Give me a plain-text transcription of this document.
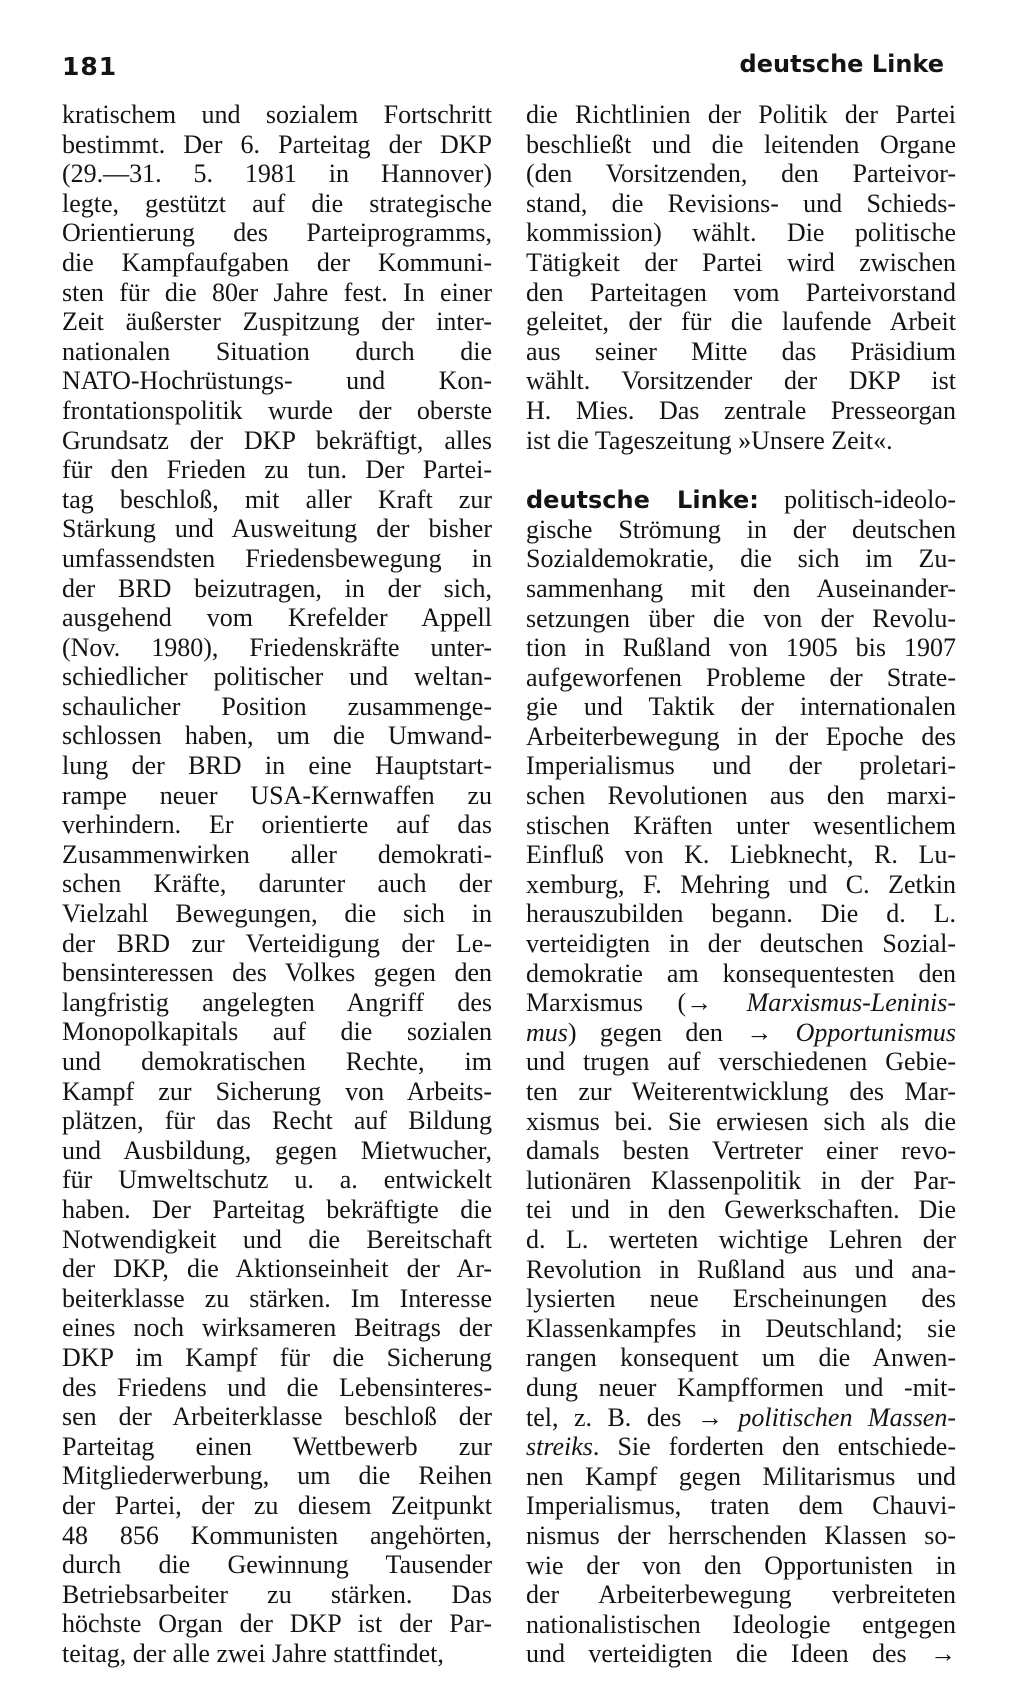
181	deutsche Linke
kratischem und sozialem Fortschritt
bestimmt. Der 6. Parteitag der DKP
(29.—31. 5. 1981 in Hannover)
legte, gestützt auf die strategische
Orientierung des Parteiprogramms,
die Kampfaufgaben der Kommuni-
sten für die 80er Jahre fest. In einer
Zeit äußerster Zuspitzung der inter-
nationalen Situation durch die
NATO-Hochrüstungs- und Kon-
frontationspolitik wurde der oberste
Grundsatz der DKP bekräftigt, alles
für den Frieden zu tun. Der Partei-
tag beschloß, mit aller Kraft zur
Stärkung und Ausweitung der bisher
umfassendsten Friedensbewegung in
der BRD beizutragen, in der sich,
ausgehend vom Krefelder Appell
(Nov. 1980), Friedenskräfte unter-
schiedlicher politischer und weltan-
schaulicher Position zusammenge-
schlossen haben, um die Umwand-
lung der BRD in eine Hauptstart-
rampe neuer USA-Kernwaffen zu
verhindern. Er orientierte auf das
Zusammenwirken aller demokrati-
schen Kräfte, darunter auch der
Vielzahl Bewegungen, die sich in
der BRD zur Verteidigung der Le-
bensinteressen des Volkes gegen den
langfristig angelegten Angriff des
Monopolkapitals auf die sozialen
und demokratischen Rechte, im
Kampf zur Sicherung von Arbeits-
plätzen, für das Recht auf Bildung
und Ausbildung, gegen Mietwucher,
für Umweltschutz u. a. entwickelt
haben. Der Parteitag bekräftigte die
Notwendigkeit und die Bereitschaft
der DKP, die Aktionseinheit der Ar-
beiterklasse zu stärken. Im Interesse
eines noch wirksameren Beitrags der
DKP im Kampf für die Sicherung
des Friedens und die Lebensinteres-
sen der Arbeiterklasse beschloß der
Parteitag einen Wettbewerb zur
Mitgliederwerbung, um die Reihen
der Partei, der zu diesem Zeitpunkt
48 856 Kommunisten angehörten,
durch die Gewinnung Tausender
Betriebsarbeiter zu stärken. Das
höchste Organ der DKP ist der Par-
teitag, der alle zwei Jahre stattfindet,
die Richtlinien der Politik der Partei
beschließt und die leitenden Organe
(den Vorsitzenden, den Parteivor-
stand, die Revisions- und Schieds-
kommission) wählt. Die politische
Tätigkeit der Partei wird zwischen
den Parteitagen vom Parteivorstand
geleitet, der für die laufende Arbeit
aus seiner Mitte das Präsidium
wählt. Vorsitzender der DKP ist
H. Mies. Das zentrale Presseorgan
ist die Tageszeitung »Unsere Zeit«.
deutsche Linke: politisch-ideolo-
gische Strömung in der deutschen
Sozialdemokratie, die sich im Zu-
sammenhang mit den Auseinander-
setzungen über die von der Revolu-
tion in Rußland von 1905 bis 1907
aufgeworfenen Probleme der Strate-
gie und Taktik der internationalen
Arbeiterbewegung in der Epoche des
Imperialismus und der proletari-
schen Revolutionen aus den marxi-
stischen Kräften unter wesentlichem
Einfluß von K. Liebknecht, R. Lu-
xemburg, F. Mehring und C. Zetkin
herauszubilden begann. Die d. L.
verteidigten in der deutschen Sozial-
demokratie am konsequentesten den
Marxismus (→ Marxismus-Leninis-
mus) gegen den → Opportunismus
und trugen auf verschiedenen Gebie-
ten zur Weiterentwicklung des Mar-
xismus bei. Sie erwiesen sich als die
damals besten Vertreter einer revo-
lutionären Klassenpolitik in der Par-
tei und in den Gewerkschaften. Die
d. L. werteten wichtige Lehren der
Revolution in Rußland aus und ana-
lysierten neue Erscheinungen des
Klassenkampfes in Deutschland; sie
rangen konsequent um die Anwen-
dung neuer Kampfformen und -mit-
tel, z. B. des → politischen Massen-
streiks. Sie forderten den entschiede-
nen Kampf gegen Militarismus und
Imperialismus, traten dem Chauvi-
nismus der herrschenden Klassen so-
wie der von den Opportunisten in
der Arbeiterbewegung verbreiteten
nationalistischen Ideologie entgegen
und verteidigten die Ideen des →
